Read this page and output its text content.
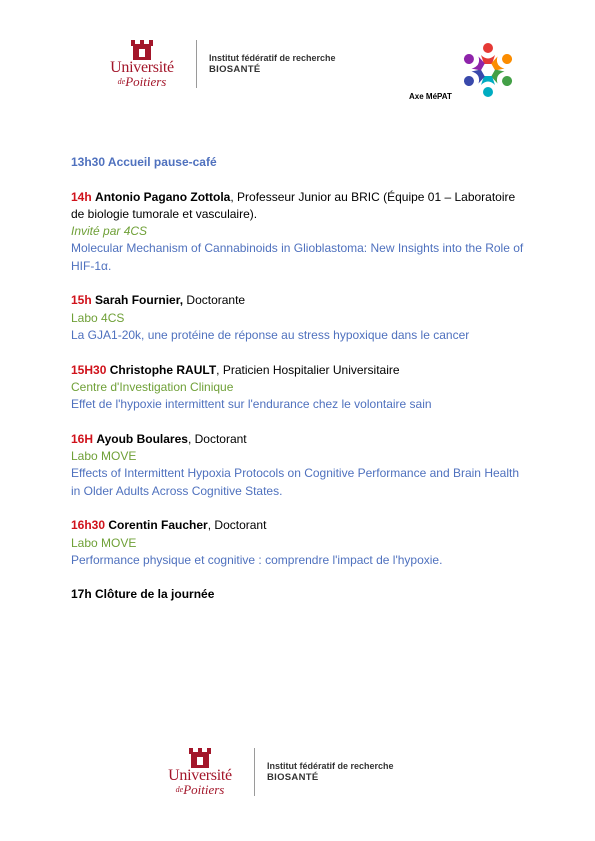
Université
$^{de}$Poitiers
Institut fédératif de recherche
BIOSANTÉ
Axe MéPAT

13h30 Accueil pause-café

14h Antonio Pagano Zottola, Professeur Junior au BRIC (Équipe 01 – Laboratoire de biologie tumorale et vasculaire).

Invité par 4CS

Molecular Mechanism of Cannabinoids in Glioblastoma: New Insights into the Role of HIF-1α.

15h Sarah Fournier, Doctorante

Labo 4CS

La GJA1-20k, une protéine de réponse au stress hypoxique dans le cancer

15H30 Christophe RAULT, Praticien Hospitalier Universitaire

Centre d'Investigation Clinique

Effet de l'hypoxie intermittent sur l'endurance chez le volontaire sain

16H Ayoub Boulares, Doctorant

Labo MOVE

Effects of Intermittent Hypoxia Protocols on Cognitive Performance and Brain Health in Older Adults Across Cognitive States.

16h30 Corentin Faucher, Doctorant

Labo MOVE

Performance physique et cognitive : comprendre l'impact de l'hypoxie.

17h Clôture de la journée

Université
$^{de}$Poitiers
Institut fédératif de recherche
BIOSANTÉ
